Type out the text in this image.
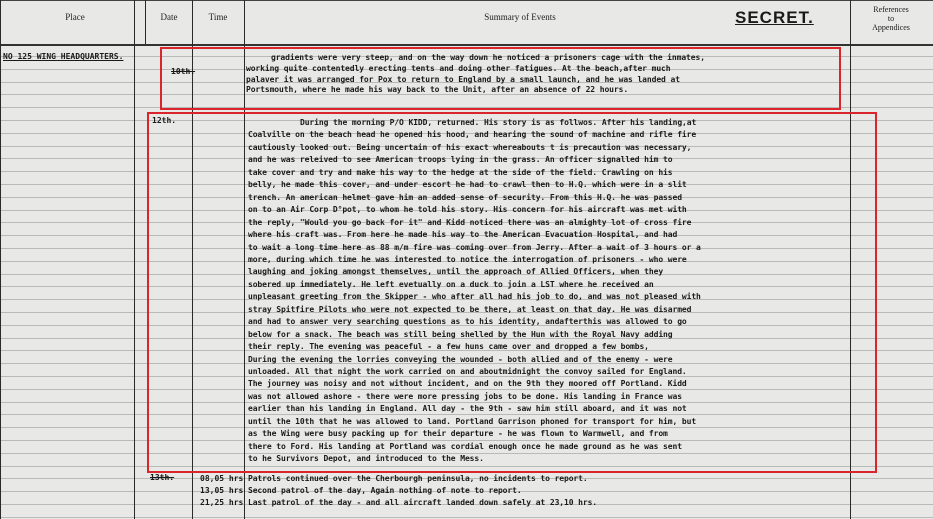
Place	Date	Time	Summary of Events	SECRET.	References
to
Appendices
NO 125 WING HEADQUARTERS.
10th.
gradients were very steep, and on the way down he noticed a prisoners cage with the inmates,
working quite contentedly erecting tents and doing other fatigues. At the beach,after much
palaver it was arranged for Pox to return to England by a small launch, and he was landed at
Portsmouth, where he made his way back to the Unit, after an absence of 22 hours.
12th.	During the morning P/O KIDD, returned. His story is as follwos. After his landing,at
Coalville on the beach head he opened his hood, and hearing the sound of machine and rifle fire
cautiously looked out. Being uncertain of his exact whereabouts t is precaution was necessary,
and he was releived to see American troops lying in the grass. An officer signalled him to
take cover and try and make his way to the hedge at the side of the field. Crawling on his
belly, he made this cover, and under escort he had to crawl then to H.Q. which were in a slit
trench. An american helmet gave him an added sense of security. From this H.Q. he was passed
on to an Air Corp D°pot, to whom he told his story. His concern for his aircraft was met with
the reply, "Would you go back for it" and Kidd noticed there was an almighty lot of cross fire
where his craft was. From here he made his way to the American Evacuation Hospital, and had
to wait a long time here as 88 m/m fire was coming over from Jerry. After a wait of 3 hours or a
more, during which time he was interested to notice the interrogation of prisoners - who were
laughing and joking amongst themselves, until the approach of Allied Officers, when they
sobered up immediately. He left evetually on a duck to join a LST where he received an
unpleasant greeting from the Skipper - who after all had his job to do, and was not pleased with
stray Spitfire Pilots who were not expected to be there, at least on that day. He was disarmed
and had to answer very searching questions as to his identity, andafterthis was allowed to go
below for a snack. The beach was still being shelled by the Hun with the Royal Navy adding
their reply. The evening was peaceful - a few huns came over and dropped a few bombs,
During the evening the lorries conveying the wounded - both allied and of the enemy - were
unloaded. All that night the work carried on and aboutmidnight the convoy sailed for England.
The journey was noisy and not without incident, and on the 9th they moored off Portland. Kidd
was not allowed ashore - there were more pressing jobs to be done. His landing in France was
earlier than his landing in England. All day - the 9th - saw him still aboard, and it was not
until the 10th that he was allowed to land. Portland Garrison phoned for transport for him, but
as the Wing were busy packing up for their departure - he was flown to Warmwell, and from
there to Ford. His landing at Portland was cordial enough once he made ground as he was sent
to he Survivors Depot, and introduced to the Mess.
13th.	08,05 hrs Patrols continued over the Cherbourgh peninsula, no incidents to report.
13,05 hrs Second patrol of the day, Again nothing of note to report.
21,25 hrs Last patrol of the day - and all aircraft landed down safely at 23,10 hrs.
